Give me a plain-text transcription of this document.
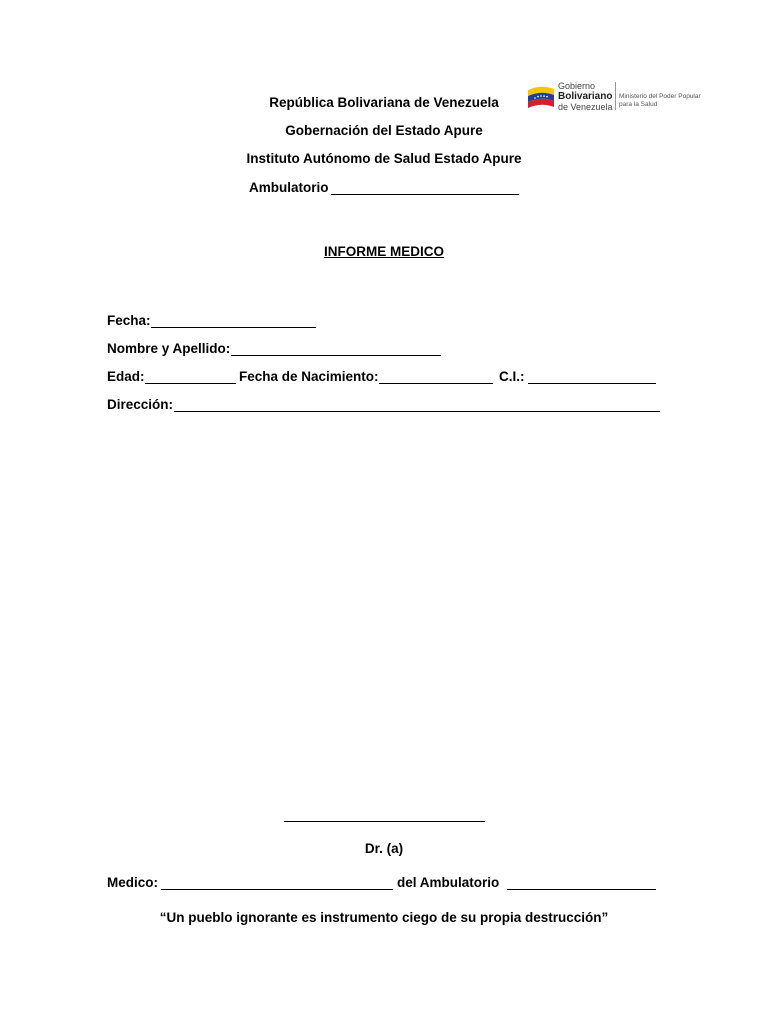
República Bolivariana de Venezuela
Gobernación del Estado Apure
Instituto Autónomo de Salud Estado Apure
Ambulatorio
Gobierno
Bolivariano
de Venezuela
Ministerio del Poder Popular
para la Salud
INFORME MEDICO
Fecha:
Nombre y Apellido:
Edad:	Fecha de Nacimiento:	C.I.:
Dirección:
Dr. (a)
Medico:	del Ambulatorio
“Un pueblo ignorante es instrumento ciego de su propia destrucción”
